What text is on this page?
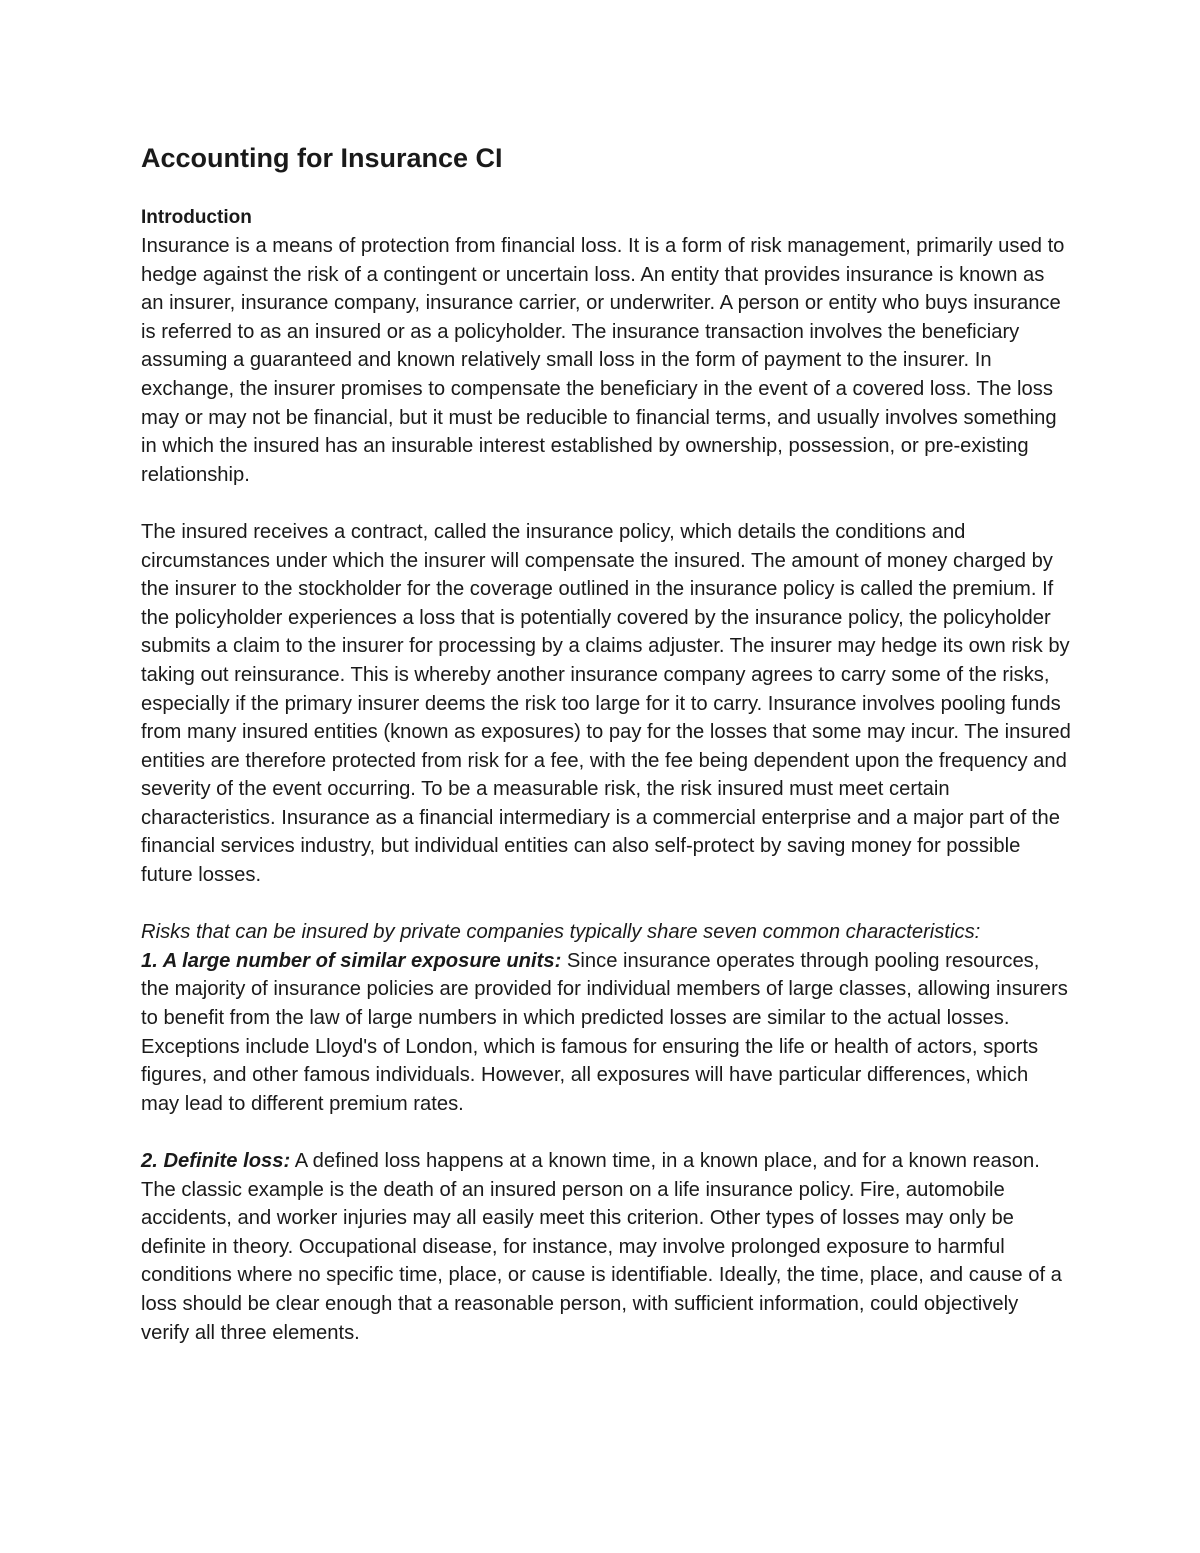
Accounting for Insurance CI
Introduction

Insurance is a means of protection from financial loss. It is a form of risk management, primarily used to hedge against the risk of a contingent or uncertain loss. An entity that provides insurance is known as an insurer, insurance company, insurance carrier, or underwriter. A person or entity who buys insurance is referred to as an insured or as a policyholder. The insurance transaction involves the beneficiary assuming a guaranteed and known relatively small loss in the form of payment to the insurer. In exchange, the insurer promises to compensate the beneficiary in the event of a covered loss. The loss may or may not be financial, but it must be reducible to financial terms, and usually involves something in which the insured has an insurable interest established by ownership, possession, or pre-existing relationship.

The insured receives a contract, called the insurance policy, which details the conditions and circumstances under which the insurer will compensate the insured. The amount of money charged by the insurer to the stockholder for the coverage outlined in the insurance policy is called the premium. If the policyholder experiences a loss that is potentially covered by the insurance policy, the policyholder submits a claim to the insurer for processing by a claims adjuster. The insurer may hedge its own risk by taking out reinsurance. This is whereby another insurance company agrees to carry some of the risks, especially if the primary insurer deems the risk too large for it to carry. Insurance involves pooling funds from many insured entities (known as exposures) to pay for the losses that some may incur. The insured entities are therefore protected from risk for a fee, with the fee being dependent upon the frequency and severity of the event occurring. To be a measurable risk, the risk insured must meet certain characteristics. Insurance as a financial intermediary is a commercial enterprise and a major part of the financial services industry, but individual entities can also self-protect by saving money for possible future losses.

Risks that can be insured by private companies typically share seven common characteristics:

1. A large number of similar exposure units: Since insurance operates through pooling resources, the majority of insurance policies are provided for individual members of large classes, allowing insurers to benefit from the law of large numbers in which predicted losses are similar to the actual losses. Exceptions include Lloyd's of London, which is famous for ensuring the life or health of actors, sports figures, and other famous individuals. However, all exposures will have particular differences, which may lead to different premium rates.

2. Definite loss: A defined loss happens at a known time, in a known place, and for a known reason. The classic example is the death of an insured person on a life insurance policy. Fire, automobile accidents, and worker injuries may all easily meet this criterion. Other types of losses may only be definite in theory. Occupational disease, for instance, may involve prolonged exposure to harmful conditions where no specific time, place, or cause is identifiable. Ideally, the time, place, and cause of a loss should be clear enough that a reasonable person, with sufficient information, could objectively verify all three elements.
